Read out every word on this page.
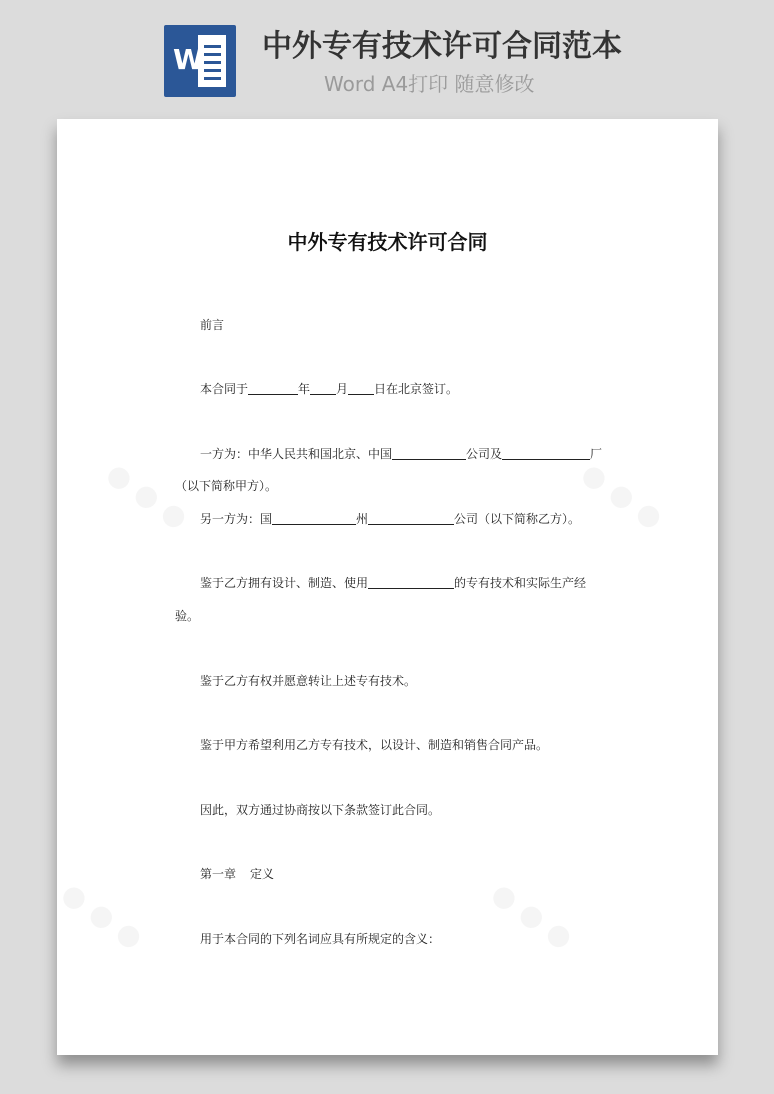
W 中外专有技术许可合同范本
Word A4打印 随意修改
中外专有技术许可合同
前言
本合同于	年 月 日在北京签订。
一方为：中华人民共和国北京、中国	公司及	厂
（以下简称甲方）。
另一方为：国	州	公司（以下简称乙方）。
鉴于乙方拥有设计、制造、使用	的专有技术和实际生产经
验。
鉴于乙方有权并愿意转让上述专有技术。
鉴于甲方希望利用乙方专有技术，以设计、制造和销售合同产品。
因此，双方通过协商按以下条款签订此合同。
第一章 定义
用于本合同的下列名词应具有所规定的含义：
